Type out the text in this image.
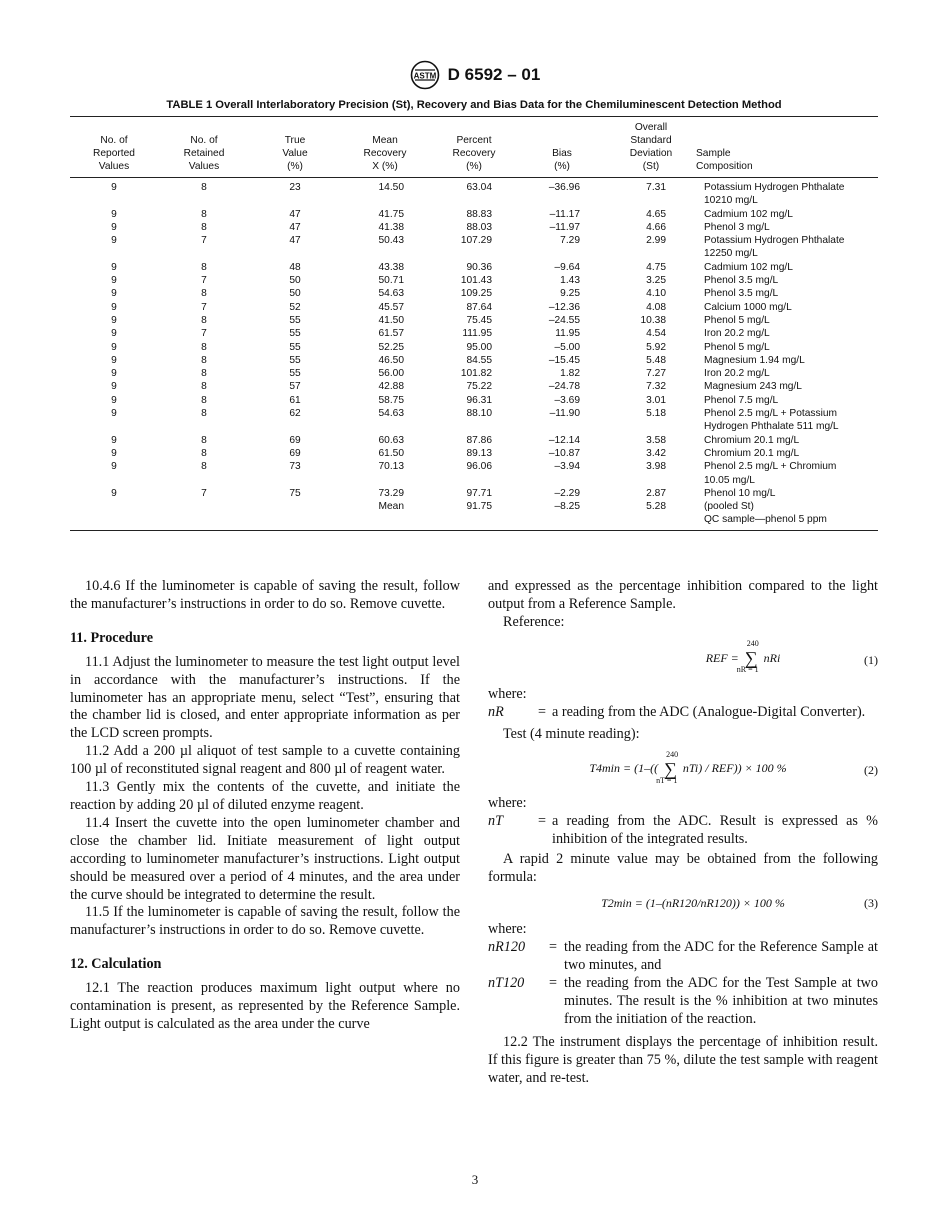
ASTM D 6592 – 01
TABLE 1 Overall Interlaboratory Precision (St), Recovery and Bias Data for the Chemiluminescent Detection Method
No. of
Reported
Values	No. of
Retained
Values	True
Value
(%)	Mean
Recovery
X (%)	Percent
Recovery
(%)	Bias
(%)	Overall
Standard
Deviation
(St)	Sample
Composition
9	8	23	14.50	63.04	–36.96	7.31	Potassium Hydrogen Phthalate
10210 mg/L
9	8	47	41.75	88.83	–11.17	4.65	Cadmium 102 mg/L
9	8	47	41.38	88.03	–11.97	4.66	Phenol 3 mg/L
9	7	47	50.43	107.29	7.29	2.99	Potassium Hydrogen Phthalate
12250 mg/L
9	8	48	43.38	90.36	–9.64	4.75	Cadmium 102 mg/L
9	7	50	50.71	101.43	1.43	3.25	Phenol 3.5 mg/L
9	8	50	54.63	109.25	9.25	4.10	Phenol 3.5 mg/L
9	7	52	45.57	87.64	–12.36	4.08	Calcium 1000 mg/L
9	8	55	41.50	75.45	–24.55	10.38	Phenol 5 mg/L
9	7	55	61.57	111.95	11.95	4.54	Iron 20.2 mg/L
9	8	55	52.25	95.00	–5.00	5.92	Phenol 5 mg/L
9	8	55	46.50	84.55	–15.45	5.48	Magnesium 1.94 mg/L
9	8	55	56.00	101.82	1.82	7.27	Iron 20.2 mg/L
9	8	57	42.88	75.22	–24.78	7.32	Magnesium 243 mg/L
9	8	61	58.75	96.31	–3.69	3.01	Phenol 7.5 mg/L
9	8	62	54.63	88.10	–11.90	5.18	Phenol 2.5 mg/L + Potassium
Hydrogen Phthalate 511 mg/L
9	8	69	60.63	87.86	–12.14	3.58	Chromium 20.1 mg/L
9	8	69	61.50	89.13	–10.87	3.42	Chromium 20.1 mg/L
9	8	73	70.13	96.06	–3.94	3.98	Phenol 2.5 mg/L + Chromium
10.05 mg/L
9	7	75	73.29	97.71	–2.29	2.87	Phenol 10 mg/L
			Mean	91.75	–8.25	5.28	(pooled St)
QC sample—phenol 5 ppm

10.4.6 If the luminometer is capable of saving the result, follow the manufacturer’s instructions in order to do so. Remove cuvette.

11. Procedure

11.1 Adjust the luminometer to measure the test light output level in accordance with the manufacturer’s instructions. If the luminometer has an appropriate menu, select “Test”, ensuring that the chamber lid is closed, and enter appropriate information as per the LCD screen prompts.

11.2 Add a 200 µl aliquot of test sample to a cuvette containing 100 µl of reconstituted signal reagent and 800 µl of reagent water.

11.3 Gently mix the contents of the cuvette, and initiate the reaction by adding 20 µl of diluted enzyme reagent.

11.4 Insert the cuvette into the open luminometer chamber and close the chamber lid. Initiate measurement of light output according to luminometer manufacturer’s instructions. Light output should be measured over a period of 4 minutes, and the area under the curve should be integrated to determine the result.

11.5 If the luminometer is capable of saving the result, follow the manufacturer’s instructions in order to do so. Remove cuvette.

12. Calculation

12.1 The reaction produces maximum light output where no contamination is present, as represented by the Reference Sample. Light output is calculated as the area under the curve

and expressed as the percentage inhibition compared to the light output from a Reference Sample.

Reference:

REF = ∑
240
nR = 1
nRi	(1)

where:

nR	= a reading from the ADC (Analogue-Digital Converter).

Test (4 minute reading):

T4min = (1–(( ∑
240
nT = 1
nTi) / REF)) × 100 %	(2)

where:

nT	= a reading from the ADC. Result is expressed as % inhibition of the integrated results.

A rapid 2 minute value may be obtained from the following formula:

T2min = (1–(nR120/nR120)) × 100 %	(3)

where:

nR120	= the reading from the ADC for the Reference Sample at two minutes, and
nT120	= the reading from the ADC for the Test Sample at two minutes. The result is the % inhibition at two minutes from the initiation of the reaction.

12.2 The instrument displays the percentage of inhibition result. If this figure is greater than 75 %, dilute the test sample with reagent water, and re-test.

3
